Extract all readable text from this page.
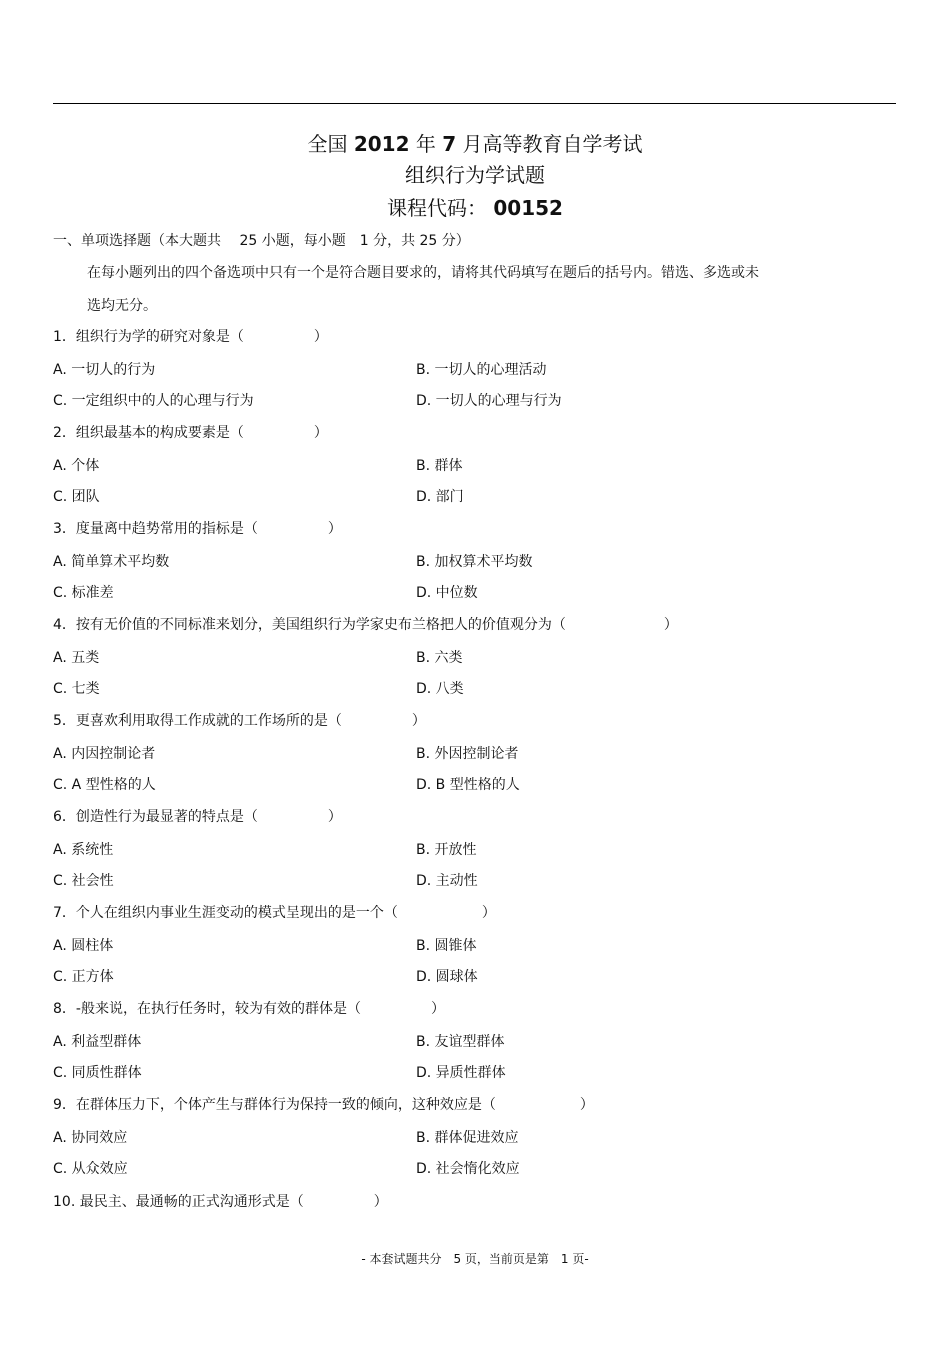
全国 2012 年 7 月高等教育自学考试
组织行为学试题
课程代码： 00152
一、单项选择题（本大题共　 25 小题，每小题　1 分，共 25 分）
在每小题列出的四个备选项中只有一个是符合题目要求的，请将其代码填写在题后的括号内。错选、多选或未
选均无分。
1．组织行为学的研究对象是（　　　　　）
A. 一切人的行为	B. 一切人的心理活动
C. 一定组织中的人的心理与行为	D. 一切人的心理与行为
2．组织最基本的构成要素是（　　　　　）
A. 个体	B. 群体
C. 团队	D. 部门
3．度量离中趋势常用的指标是（　　　　　）
A. 简单算术平均数	B. 加权算术平均数
C. 标准差	D. 中位数
4．按有无价值的不同标准来划分，美国组织行为学家史布兰格把人的价值观分为（　　　　　　　）
A. 五类	B. 六类
C. 七类	D. 八类
5．更喜欢利用取得工作成就的工作场所的是（　　　　　）
A. 内因控制论者	B. 外因控制论者
C. A 型性格的人	D. B 型性格的人
6．创造性行为最显著的特点是（　　　　　）
A. 系统性	B. 开放性
C. 社会性	D. 主动性
7．个人在组织内事业生涯变动的模式呈现出的是一个（　　　　　　）
A. 圆柱体	B. 圆锥体
C. 正方体	D. 圆球体
8．-般来说，在执行任务时，较为有效的群体是（　　　　　）
A. 利益型群体	B. 友谊型群体
C. 同质性群体	D. 异质性群体
9．在群体压力下，个体产生与群体行为保持一致的倾向，这种效应是（　　　　　　）
A. 协同效应	B. 群体促进效应
C. 从众效应	D. 社会惰化效应
10. 最民主、最通畅的正式沟通形式是（　　　　　）
- 本套试题共分　5 页，当前页是第　1 页-
